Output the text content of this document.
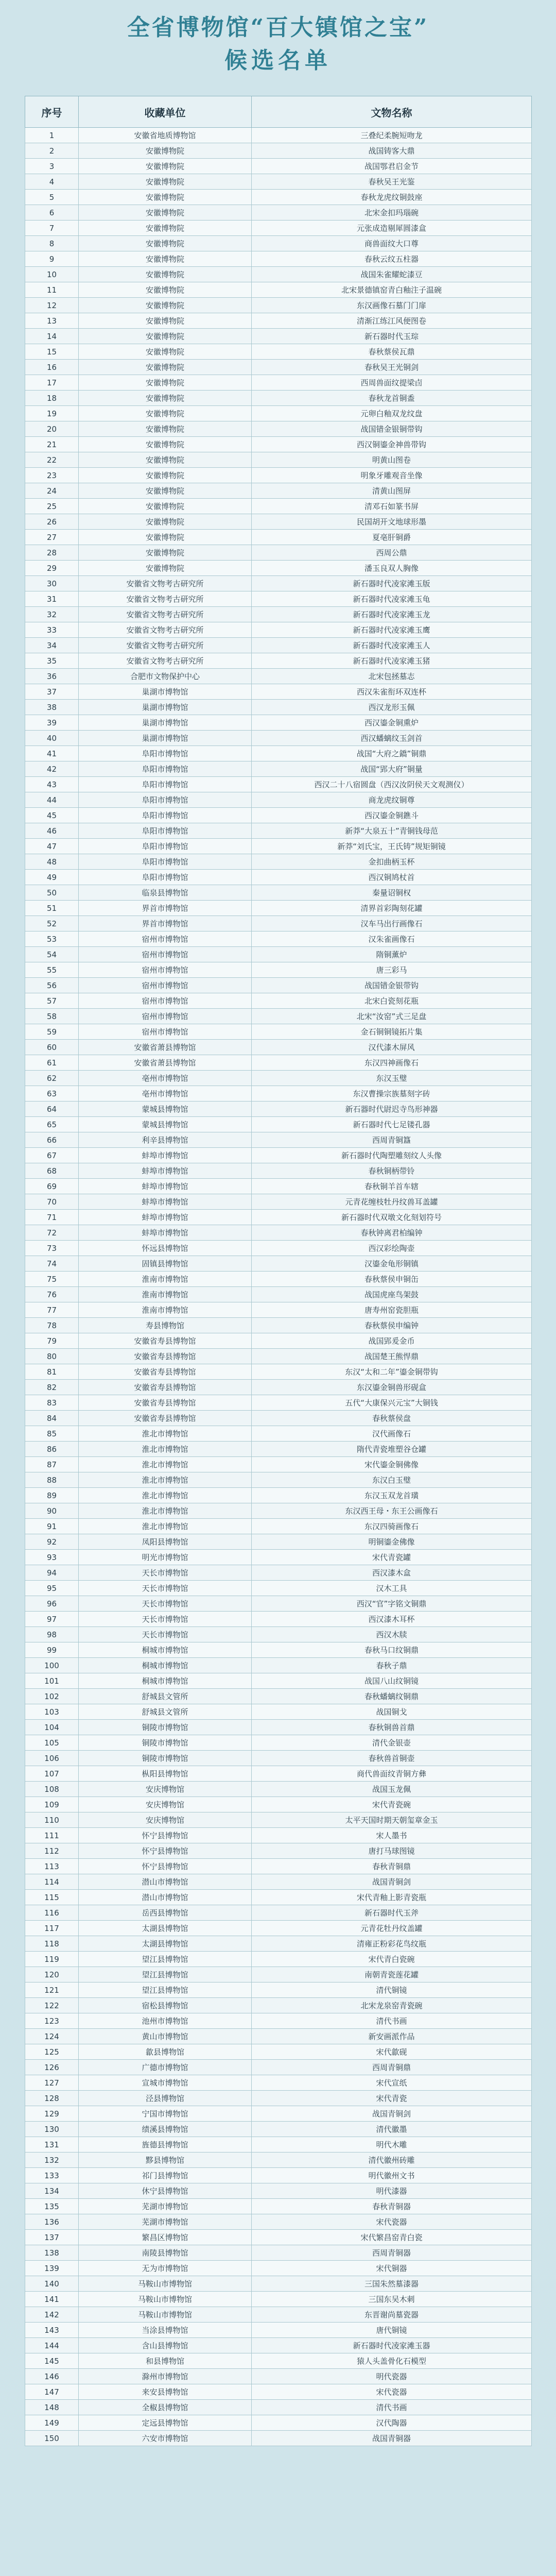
全省博物馆“百大镇馆之宝”
候选名单
序号	收藏单位	文物名称
1	安徽省地质博物馆	三叠纪柔腕短吻龙
2	安徽博物院	战国铸客大鼎
3	安徽博物院	战国鄂君启金节
4	安徽博物院	春秋吴王光鉴
5	安徽博物院	春秋龙虎纹铜鼓座
6	安徽博物院	北宋金扣玛瑙碗
7	安徽博物院	元张成造剔犀圆漆盒
8	安徽博物院	商兽面纹大口尊
9	安徽博物院	春秋云纹五柱器
10	安徽博物院	战国朱雀耀蛇漆豆
11	安徽博物院	北宋景德镇窑青白釉注子温碗
12	安徽博物院	东汉画像石墓门门扉
13	安徽博物院	清渐江练江风便图卷
14	安徽博物院	新石器时代玉琮
15	安徽博物院	春秋蔡侯瓦鼎
16	安徽博物院	春秋吴王光铜剑
17	安徽博物院	西周兽面纹提梁卣
18	安徽博物院	春秋龙首铜盉
19	安徽博物院	元卵白釉双龙纹盘
20	安徽博物院	战国错金银铜带钩
21	安徽博物院	西汉铜鎏金神兽带钩
22	安徽博物院	明黄山图卷
23	安徽博物院	明象牙雕观音坐像
24	安徽博物院	清黄山图屏
25	安徽博物院	清邓石如篆书屏
26	安徽博物院	民国胡开文地球形墨
27	安徽博物院	夏亳肝铜爵
28	安徽博物院	西周公鼎
29	安徽博物院	潘玉良双人胸像
30	安徽省文物考古研究所	新石器时代凌家滩玉版
31	安徽省文物考古研究所	新石器时代凌家滩玉龟
32	安徽省文物考古研究所	新石器时代凌家滩玉龙
33	安徽省文物考古研究所	新石器时代凌家滩玉鹰
34	安徽省文物考古研究所	新石器时代凌家滩玉人
35	安徽省文物考古研究所	新石器时代凌家滩玉猪
36	合肥市文物保护中心	北宋包拯墓志
37	巢湖市博物馆	西汉朱雀衔环双连杯
38	巢湖市博物馆	西汉龙形玉佩
39	巢湖市博物馆	西汉鎏金铜熏炉
40	巢湖市博物馆	西汉蟠螭纹玉剑首
41	阜阳市博物馆	战国“大府之鐈”铜鼎
42	阜阳市博物馆	战国“郢大府”铜量
43	阜阳市博物馆	西汉二十八宿圆盘（西汉汝阴侯天文观测仪）
44	阜阳市博物馆	商龙虎纹铜尊
45	阜阳市博物馆	西汉鎏金铜鐎斗
46	阜阳市博物馆	新莽“大泉五十”青铜钱母范
47	阜阳市博物馆	新莽“刘氏宝，王氏铸”规矩铜镜
48	阜阳市博物馆	金扣曲柄玉杯
49	阜阳市博物馆	西汉铜鸠杖首
50	临泉县博物馆	秦量诏铜权
51	界首市博物馆	清界首彩陶刻花罐
52	界首市博物馆	汉车马出行画像石
53	宿州市博物馆	汉朱雀画像石
54	宿州市博物馆	隋铜薰炉
55	宿州市博物馆	唐三彩马
56	宿州市博物馆	战国错金银带钩
57	宿州市博物馆	北宋白瓷刻花瓶
58	宿州市博物馆	北宋“汝窑”式三足盘
59	宿州市博物馆	金石铜铜镜拓片集
60	安徽省萧县博物馆	汉代漆木屏风
61	安徽省萧县博物馆	东汉四神画像石
62	亳州市博物馆	东汉玉璧
63	亳州市博物馆	东汉曹操宗族墓刻字砖
64	蒙城县博物馆	新石器时代尉迟寺鸟形神器
65	蒙城县博物馆	新石器时代七足镂孔器
66	利辛县博物馆	西周青铜簋
67	蚌埠市博物馆	新石器时代陶塑雕刻纹人头像
68	蚌埠市博物馆	春秋铜柄带铃
69	蚌埠市博物馆	春秋铜羊首车辖
70	蚌埠市博物馆	元青花缠枝牡丹纹兽耳盖罐
71	蚌埠市博物馆	新石器时代双墩文化刻划符号
72	蚌埠市博物馆	春秋钟离君柏编钟
73	怀远县博物馆	西汉彩绘陶壶
74	固镇县博物馆	汉鎏金龟形铜镇
75	淮南市博物馆	春秋蔡侯申铜缶
76	淮南市博物馆	战国虎座鸟架鼓
77	淮南市博物馆	唐寿州窑瓷胆瓶
78	寿县博物馆	春秋蔡侯申编钟
79	安徽省寿县博物馆	战国郢爰金币
80	安徽省寿县博物馆	战国楚王熊悍鼎
81	安徽省寿县博物馆	东汉“太和二年”鎏金铜带钩
82	安徽省寿县博物馆	东汉鎏金铜兽形砚盒
83	安徽省寿县博物馆	五代“大康保兴元宝”大铜钱
84	安徽省寿县博物馆	春秋蔡侯盘
85	淮北市博物馆	汉代画像石
86	淮北市博物馆	隋代青瓷堆塑谷仓罐
87	淮北市博物馆	宋代鎏金铜佛像
88	淮北市博物馆	东汉白玉璧
89	淮北市博物馆	东汉玉双龙首璜
90	淮北市博物馆	东汉西王母・东王公画像石
91	淮北市博物馆	东汉四骑画像石
92	凤阳县博物馆	明铜鎏金佛像
93	明光市博物馆	宋代青瓷罐
94	天长市博物馆	西汉漆木盒
95	天长市博物馆	汉木工具
96	天长市博物馆	西汉“官”字铭文铜鼎
97	天长市博物馆	西汉漆木耳杯
98	天长市博物馆	西汉木牍
99	桐城市博物馆	春秋马口纹铜鼎
100	桐城市博物馆	春秋子鼎
101	桐城市博物馆	战国八山纹铜镜
102	舒城县文管所	春秋蟠螭纹铜鼎
103	舒城县文管所	战国铜戈
104	铜陵市博物馆	春秋铜兽首鼎
105	铜陵市博物馆	清代金银壶
106	铜陵市博物馆	春秋兽首铜壶
107	枞阳县博物馆	商代兽面纹青铜方彝
108	安庆博物馆	战国玉龙佩
109	安庆博物馆	宋代青瓷碗
110	安庆博物馆	太平天国时期天朝玺章金玉
111	怀宁县博物馆	宋人墨书
112	怀宁县博物馆	唐打马球图镜
113	怀宁县博物馆	春秋青铜鼎
114	潜山市博物馆	战国青铜剑
115	潜山市博物馆	宋代青釉上影青瓷瓶
116	岳西县博物馆	新石器时代玉斧
117	太湖县博物馆	元青花牡丹纹盖罐
118	太湖县博物馆	清雍正粉彩花鸟纹瓶
119	望江县博物馆	宋代青白瓷碗
120	望江县博物馆	南朝青瓷莲花罐
121	望江县博物馆	清代铜镜
122	宿松县博物馆	北宋龙泉窑青瓷碗
123	池州市博物馆	清代书画
124	黄山市博物馆	新安画派作品
125	歙县博物馆	宋代歙砚
126	广德市博物馆	西周青铜鼎
127	宣城市博物馆	宋代宣纸
128	泾县博物馆	宋代青瓷
129	宁国市博物馆	战国青铜剑
130	绩溪县博物馆	清代徽墨
131	旌德县博物馆	明代木雕
132	黟县博物馆	清代徽州砖雕
133	祁门县博物馆	明代徽州文书
134	休宁县博物馆	明代漆器
135	芜湖市博物馆	春秋青铜器
136	芜湖市博物馆	宋代瓷器
137	繁昌区博物馆	宋代繁昌窑青白瓷
138	南陵县博物馆	西周青铜器
139	无为市博物馆	宋代铜器
140	马鞍山市博物馆	三国朱然墓漆器
141	马鞍山市博物馆	三国东吴木刺
142	马鞍山市博物馆	东晋谢尚墓瓷器
143	当涂县博物馆	唐代铜镜
144	含山县博物馆	新石器时代凌家滩玉器
145	和县博物馆	猿人头盖骨化石模型
146	滁州市博物馆	明代瓷器
147	来安县博物馆	宋代瓷器
148	全椒县博物馆	清代书画
149	定远县博物馆	汉代陶器
150	六安市博物馆	战国青铜器
